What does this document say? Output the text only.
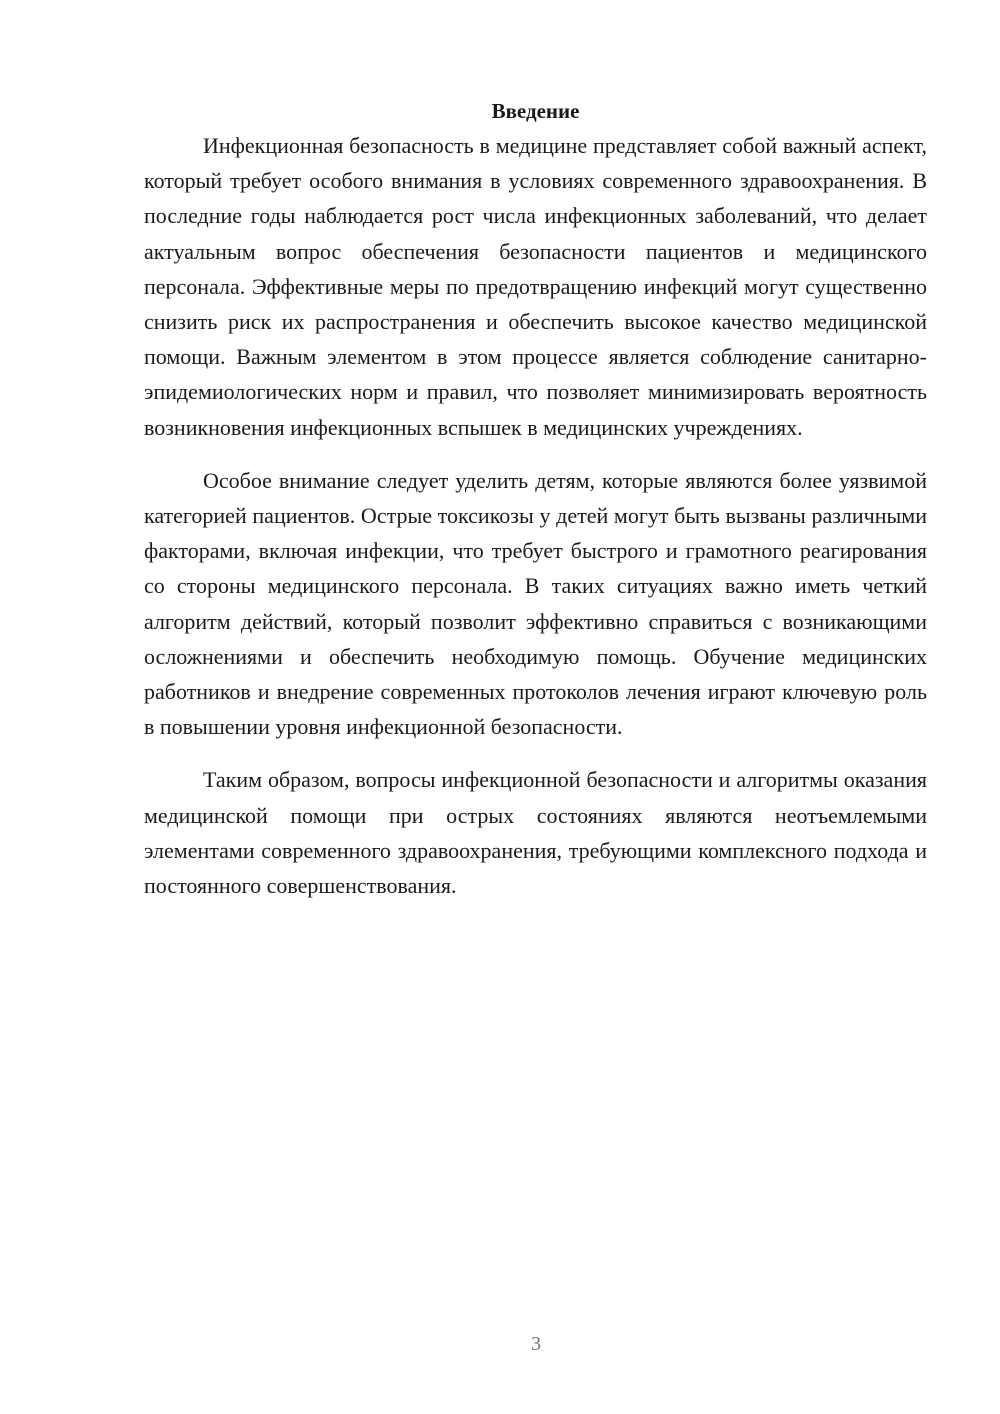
Введение

Инфекционная безопасность в медицине представляет собой важный аспект, который требует особого внимания в условиях современного здравоохранения. В последние годы наблюдается рост числа инфекционных заболеваний, что делает актуальным вопрос обеспечения безопасности пациентов и медицинского персонала. Эффективные меры по предотвращению инфекций могут существенно снизить риск их распространения и обеспечить высокое качество медицинской помощи. Важным элементом в этом процессе является соблюдение санитарно-эпидемиологических норм и правил, что позволяет минимизировать вероятность возникновения инфекционных вспышек в медицинских учреждениях.

Особое внимание следует уделить детям, которые являются более уязвимой категорией пациентов. Острые токсикозы у детей могут быть вызваны различными факторами, включая инфекции, что требует быстрого и грамотного реагирования со стороны медицинского персонала. В таких ситуациях важно иметь четкий алгоритм действий, который позволит эффективно справиться с возникающими осложнениями и обеспечить необходимую помощь. Обучение медицинских работников и внедрение современных протоколов лечения играют ключевую роль в повышении уровня инфекционной безопасности.

Таким образом, вопросы инфекционной безопасности и алгоритмы оказания медицинской помощи при острых состояниях являются неотъемлемыми элементами современного здравоохранения, требующими комплексного подхода и постоянного совершенствования.

3
